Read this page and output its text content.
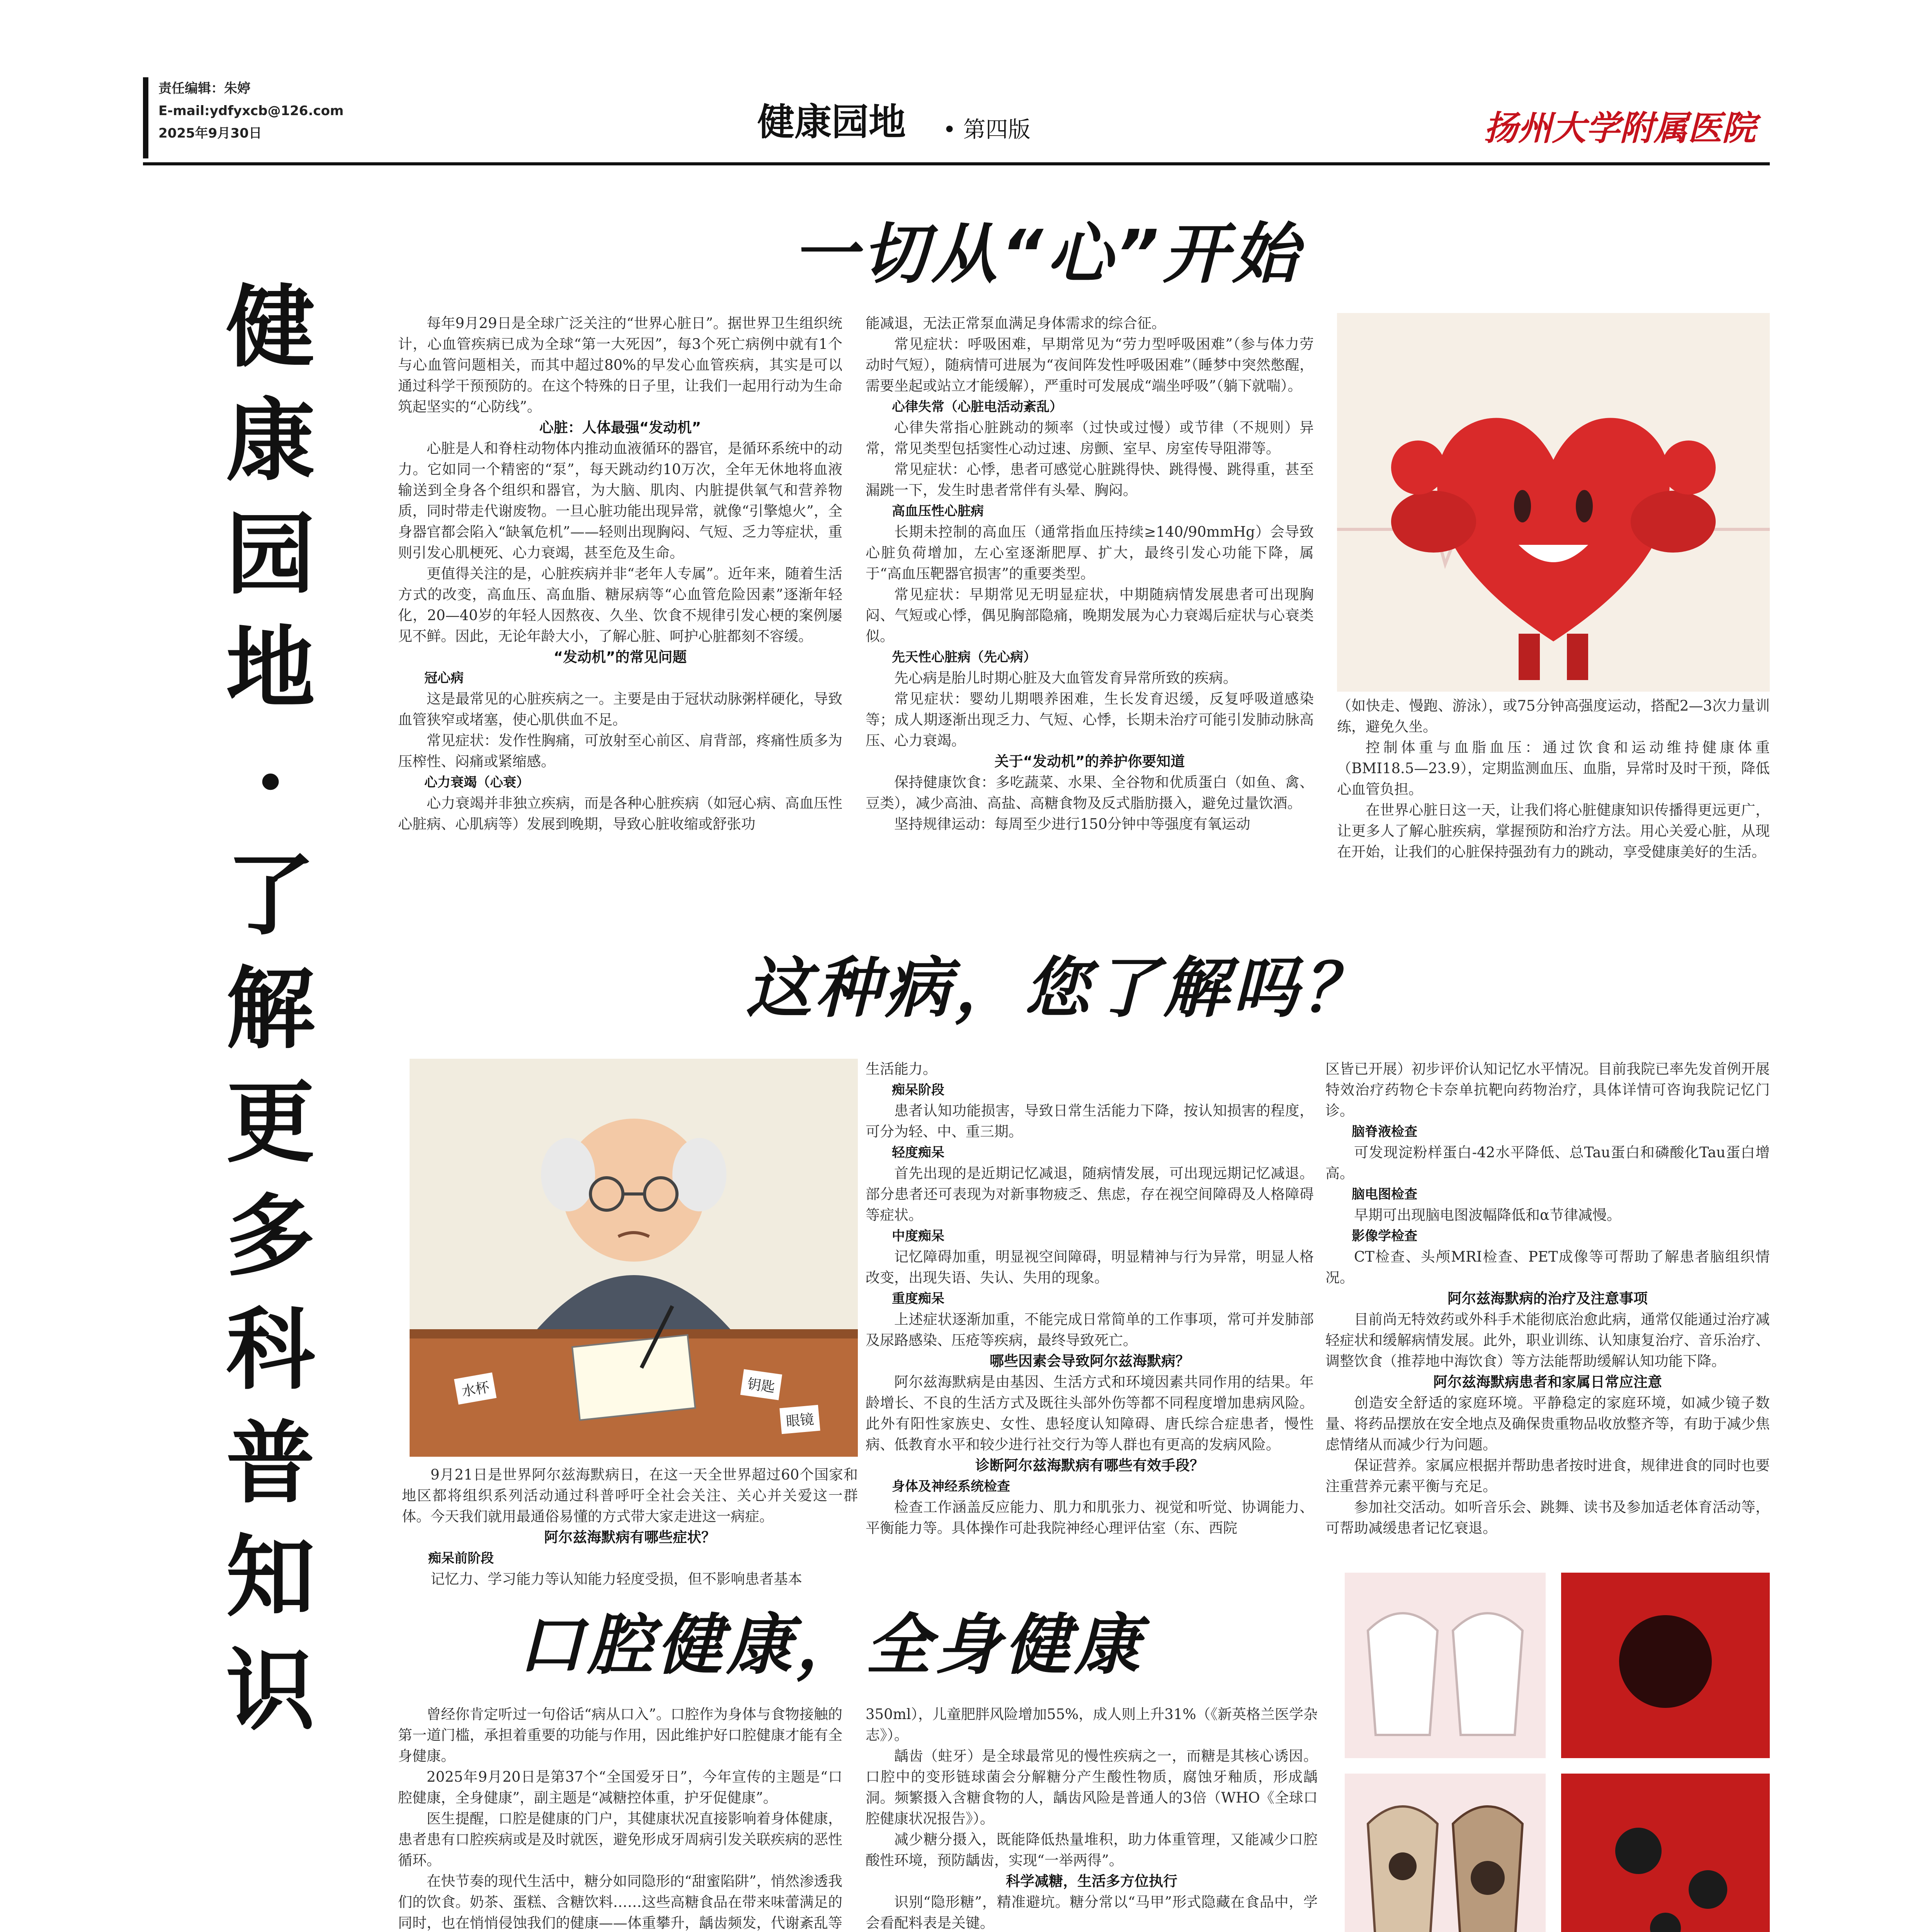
责任编辑：朱婷
E-mail:ydfyxcb@126.com
2025年9月30日	健康园地 • 第四版	扬州大学附属医院
健
康
园
地
·
了
解
更
多
科
普
知
识
一切从“心”开始

每年9月29日是全球广泛关注的“世界心脏日”。据世界卫生组织统计，心血管疾病已成为全球“第一大死因”，每3个死亡病例中就有1个与心血管问题相关，而其中超过80%的早发心血管疾病，其实是可以通过科学干预预防的。在这个特殊的日子里，让我们一起用行动为生命筑起坚实的“心防线”。

心脏：人体最强“发动机”

心脏是人和脊柱动物体内推动血液循环的器官，是循环系统中的动力。它如同一个精密的“泵”，每天跳动约10万次，全年无休地将血液输送到全身各个组织和器官，为大脑、肌肉、内脏提供氧气和营养物质，同时带走代谢废物。一旦心脏功能出现异常，就像“引擎熄火”，全身器官都会陷入“缺氧危机”——轻则出现胸闷、气短、乏力等症状，重则引发心肌梗死、心力衰竭，甚至危及生命。

更值得关注的是，心脏疾病并非“老年人专属”。近年来，随着生活方式的改变，高血压、高血脂、糖尿病等“心血管危险因素”逐渐年轻化，20—40岁的年轻人因熬夜、久坐、饮食不规律引发心梗的案例屡见不鲜。因此，无论年龄大小，了解心脏、呵护心脏都刻不容缓。

“发动机”的常见问题

冠心病

这是最常见的心脏疾病之一。主要是由于冠状动脉粥样硬化，导致血管狭窄或堵塞，使心肌供血不足。

常见症状：发作性胸痛，可放射至心前区、肩背部，疼痛性质多为压榨性、闷痛或紧缩感。

心力衰竭（心衰）

心力衰竭并非独立疾病，而是各种心脏疾病（如冠心病、高血压性心脏病、心肌病等）发展到晚期，导致心脏收缩或舒张功

能减退，无法正常泵血满足身体需求的综合征。

常见症状：呼吸困难，早期常见为“劳力型呼吸困难”（参与体力劳动时气短），随病情可进展为“夜间阵发性呼吸困难”（睡梦中突然憋醒，需要坐起或站立才能缓解），严重时可发展成“端坐呼吸”（躺下就喘）。

心律失常（心脏电活动紊乱）

心律失常指心脏跳动的频率（过快或过慢）或节律（不规则）异常，常见类型包括窦性心动过速、房颤、室早、房室传导阻滞等。

常见症状：心悸，患者可感觉心脏跳得快、跳得慢、跳得重，甚至漏跳一下，发生时患者常伴有头晕、胸闷。

高血压性心脏病

长期未控制的高血压（通常指血压持续≥140/90mmHg）会导致心脏负荷增加，左心室逐渐肥厚、扩大，最终引发心功能下降，属于“高血压靶器官损害”的重要类型。

常见症状：早期常见无明显症状，中期随病情发展患者可出现胸闷、气短或心悸，偶见胸部隐痛，晚期发展为心力衰竭后症状与心衰类似。

先天性心脏病（先心病）

先心病是胎儿时期心脏及大血管发育异常所致的疾病。

常见症状：婴幼儿期喂养困难，生长发育迟缓，反复呼吸道感染等；成人期逐渐出现乏力、气短、心悸，长期未治疗可能引发肺动脉高压、心力衰竭。

关于“发动机”的养护你要知道

保持健康饮食：多吃蔬菜、水果、全谷物和优质蛋白（如鱼、禽、豆类），减少高油、高盐、高糖食物及反式脂肪摄入，避免过量饮酒。

坚持规律运动：每周至少进行150分钟中等强度有氧运动

（如快走、慢跑、游泳），或75分钟高强度运动，搭配2—3次力量训练，避免久坐。

控制体重与血脂血压：通过饮食和运动维持健康体重（BMI18.5—23.9），定期监测血压、血脂，异常时及时干预，降低心血管负担。

在世界心脏日这一天，让我们将心脏健康知识传播得更远更广，让更多人了解心脏疾病，掌握预防和治疗方法。用心关爱心脏，从现在开始，让我们的心脏保持强劲有力的跳动，享受健康美好的生活。

这种病，您了解吗？
水杯	钥匙
眼镜

9月21日是世界阿尔兹海默病日，在这一天全世界超过60个国家和地区都将组织系列活动通过科普呼吁全社会关注、关心并关爱这一群体。今天我们就用最通俗易懂的方式带大家走进这一病症。

阿尔兹海默病有哪些症状？

痴呆前阶段

记忆力、学习能力等认知能力轻度受损，但不影响患者基本

生活能力。

痴呆阶段

患者认知功能损害，导致日常生活能力下降，按认知损害的程度，可分为轻、中、重三期。

轻度痴呆

首先出现的是近期记忆减退，随病情发展，可出现远期记忆减退。部分患者还可表现为对新事物疲乏、焦虑，存在视空间障碍及人格障碍等症状。

中度痴呆

记忆障碍加重，明显视空间障碍，明显精神与行为异常，明显人格改变，出现失语、失认、失用的现象。

重度痴呆

上述症状逐渐加重，不能完成日常简单的工作事项，常可并发肺部及尿路感染、压疮等疾病，最终导致死亡。

哪些因素会导致阿尔兹海默病？

阿尔兹海默病是由基因、生活方式和环境因素共同作用的结果。年龄增长、不良的生活方式及既往头部外伤等都不同程度增加患病风险。此外有阳性家族史、女性、患轻度认知障碍、唐氏综合症患者，慢性病、低教育水平和较少进行社交行为等人群也有更高的发病风险。

诊断阿尔兹海默病有哪些有效手段？

身体及神经系统检查

检查工作涵盖反应能力、肌力和肌张力、视觉和听觉、协调能力、平衡能力等。具体操作可赴我院神经心理评估室（东、西院

区皆已开展）初步评价认知记忆水平情况。目前我院已率先发首例开展特效治疗药物仑卡奈单抗靶向药物治疗，具体详情可咨询我院记忆门诊。

脑脊液检查

可发现淀粉样蛋白-42水平降低、总Tau蛋白和磷酸化Tau蛋白增高。

脑电图检查

早期可出现脑电图波幅降低和α节律减慢。

影像学检查

CT检查、头颅MRI检查、PET成像等可帮助了解患者脑组织情况。

阿尔兹海默病的治疗及注意事项

目前尚无特效药或外科手术能彻底治愈此病，通常仅能通过治疗减轻症状和缓解病情发展。此外，职业训练、认知康复治疗、音乐治疗、调整饮食（推荐地中海饮食）等方法能帮助缓解认知功能下降。

阿尔兹海默病患者和家属日常应注意

创造安全舒适的家庭环境。平静稳定的家庭环境，如减少镜子数量、将药品摆放在安全地点及确保贵重物品收放整齐等，有助于减少焦虑情绪从而减少行为问题。

保证营养。家属应根据并帮助患者按时进食，规律进食的同时也要注重营养元素平衡与充足。

参加社交活动。如听音乐会、跳舞、读书及参加适老体育活动等，可帮助减缓患者记忆衰退。

口腔健康，全身健康

曾经你肯定听过一句俗话“病从口入”。口腔作为身体与食物接触的第一道门槛，承担着重要的功能与作用，因此维护好口腔健康才能有全身健康。

2025年9月20日是第37个“全国爱牙日”，今年宣传的主题是“口腔健康，全身健康”，副主题是“减糖控体重，护牙促健康”。

医生提醒，口腔是健康的门户，其健康状况直接影响着身体健康，患者患有口腔疾病或是及时就医，避免形成牙周病引发关联疾病的恶性循环。

在快节奏的现代生活中，糖分如同隐形的“甜蜜陷阱”，悄然渗透我们的饮食。奶茶、蛋糕、含糖饮料……这些高糖食品在带来味蕾满足的同时，也在悄悄侵蚀我们的健康——体重攀升，龋齿频发，代谢紊乱等

350ml），儿童肥胖风险增加55%，成人则上升31%（《新英格兰医学杂志》）。

龋齿（蛀牙）是全球最常见的慢性疾病之一，而糖是其核心诱因。口腔中的变形链球菌会分解糖分产生酸性物质，腐蚀牙釉质，形成龋洞。频繁摄入含糖食物的人，龋齿风险是普通人的3倍（WHO《全球口腔健康状况报告》）。

减少糖分摄入，既能降低热量堆积，助力体重管理，又能减少口腔酸性环境，预防龋齿，实现“一举两得”。

科学减糖，生活多方位执行

识别“隐形糖”，精准避坑。糖分常以“马甲”形式隐藏在食品中，学会看配料表是关键。
